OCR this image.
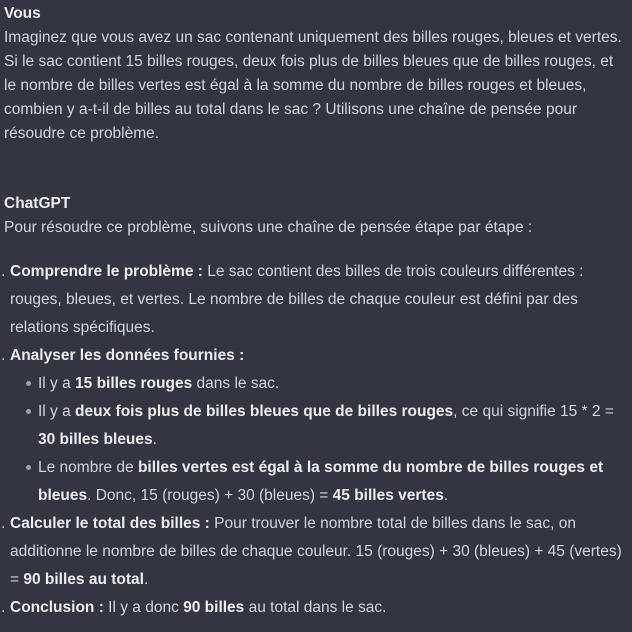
Vous

Imaginez que vous avez un sac contenant uniquement des billes rouges, bleues et vertes. Si le sac contient 15 billes rouges, deux fois plus de billes bleues que de billes rouges, et le nombre de billes vertes est égal à la somme du nombre de billes rouges et bleues, combien y a-t-il de billes au total dans le sac ? Utilisons une chaîne de pensée pour résoudre ce problème.

ChatGPT

Pour résoudre ce problème, suivons une chaîne de pensée étape par étape :

. Comprendre le problème : Le sac contient des billes de trois couleurs différentes : rouges, bleues, et vertes. Le nombre de billes de chaque couleur est défini par des relations spécifiques.
. Analyser les données fournies :
Il y a 15 billes rouges dans le sac.
Il y a deux fois plus de billes bleues que de billes rouges, ce qui signifie 15 * 2 = 30 billes bleues.
Le nombre de billes vertes est égal à la somme du nombre de billes rouges et bleues. Donc, 15 (rouges) + 30 (bleues) = 45 billes vertes.
. Calculer le total des billes : Pour trouver le nombre total de billes dans le sac, on additionne le nombre de billes de chaque couleur. 15 (rouges) + 30 (bleues) + 45 (vertes) = 90 billes au total.
. Conclusion : Il y a donc 90 billes au total dans le sac.
